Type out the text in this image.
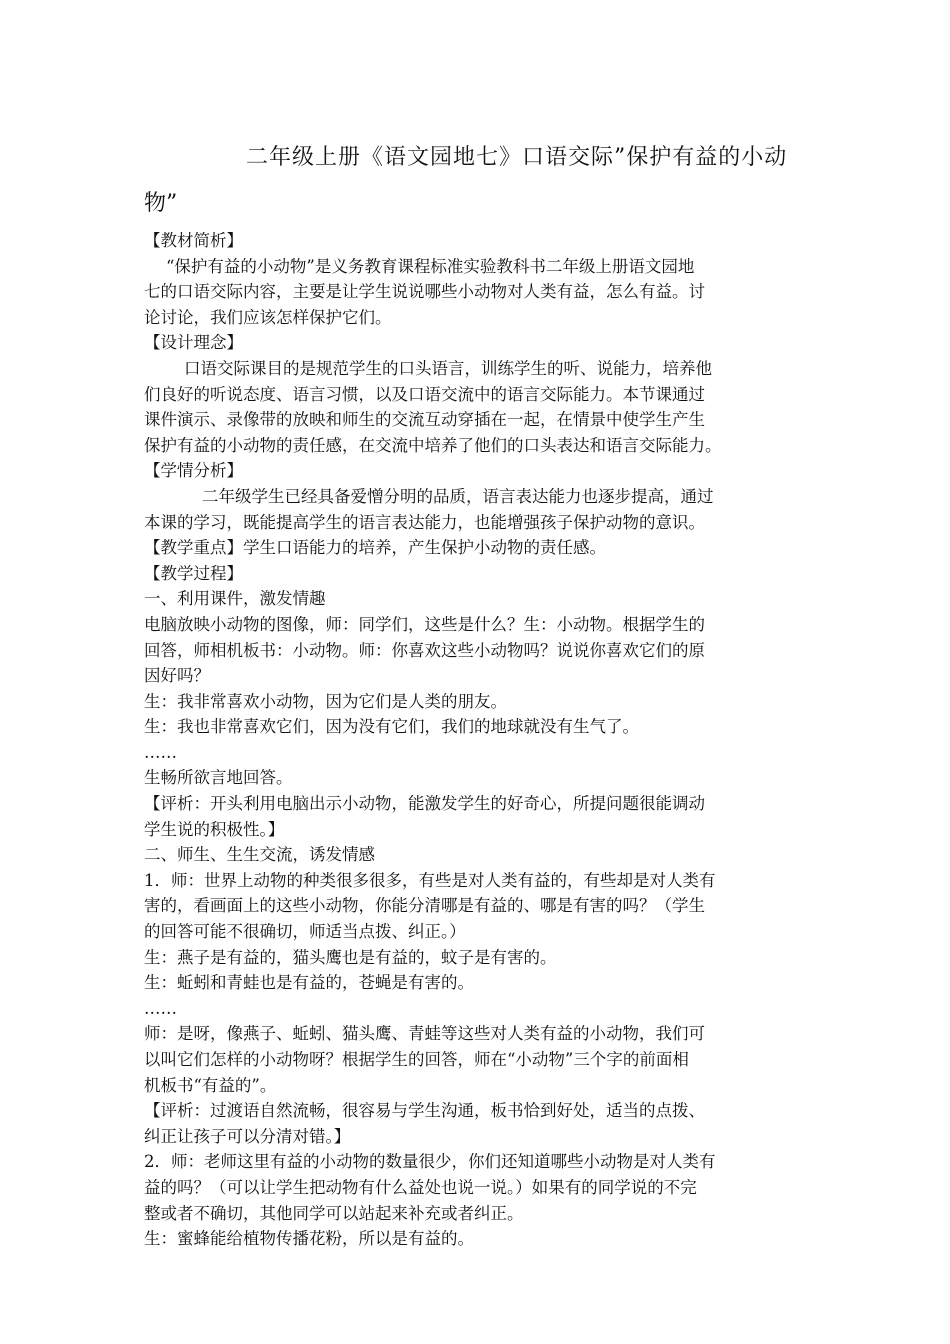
二年级上册《语文园地七》口语交际”保护有益的小动
物”
【教材简析】
“保护有益的小动物”是义务教育课程标准实验教科书二年级上册语文园地
七的口语交际内容，主要是让学生说说哪些小动物对人类有益，怎么有益。讨
论讨论，我们应该怎样保护它们。
【设计理念】
口语交际课目的是规范学生的口头语言，训练学生的听、说能力，培养他
们良好的听说态度、语言习惯，以及口语交流中的语言交际能力。本节课通过
课件演示、录像带的放映和师生的交流互动穿插在一起，在情景中使学生产生
保护有益的小动物的责任感，在交流中培养了他们的口头表达和语言交际能力。
【学情分析】
二年级学生已经具备爱憎分明的品质，语言表达能力也逐步提高，通过
本课的学习，既能提高学生的语言表达能力，也能增强孩子保护动物的意识。
【教学重点】学生口语能力的培养，产生保护小动物的责任感。
【教学过程】
一、利用课件，激发情趣
电脑放映小动物的图像，师：同学们，这些是什么？生：小动物。根据学生的
回答，师相机板书：小动物。师：你喜欢这些小动物吗？说说你喜欢它们的原
因好吗？
生：我非常喜欢小动物，因为它们是人类的朋友。
生：我也非常喜欢它们，因为没有它们，我们的地球就没有生气了。
……
生畅所欲言地回答。
【评析：开头利用电脑出示小动物，能激发学生的好奇心，所提问题很能调动
学生说的积极性。】
二、师生、生生交流，诱发情感
1．师：世界上动物的种类很多很多，有些是对人类有益的，有些却是对人类有
害的，看画面上的这些小动物，你能分清哪是有益的、哪是有害的吗？（学生
的回答可能不很确切，师适当点拨、纠正。）
生：燕子是有益的，猫头鹰也是有益的，蚊子是有害的。
生：蚯蚓和青蛙也是有益的，苍蝇是有害的。
……
师：是呀，像燕子、蚯蚓、猫头鹰、青蛙等这些对人类有益的小动物，我们可
以叫它们怎样的小动物呀？根据学生的回答，师在“小动物”三个字的前面相
机板书“有益的”。
【评析：过渡语自然流畅，很容易与学生沟通，板书恰到好处，适当的点拨、
纠正让孩子可以分清对错。】
2．师：老师这里有益的小动物的数量很少，你们还知道哪些小动物是对人类有
益的吗？（可以让学生把动物有什么益处也说一说。）如果有的同学说的不完
整或者不确切，其他同学可以站起来补充或者纠正。
生：蜜蜂能给植物传播花粉，所以是有益的。
